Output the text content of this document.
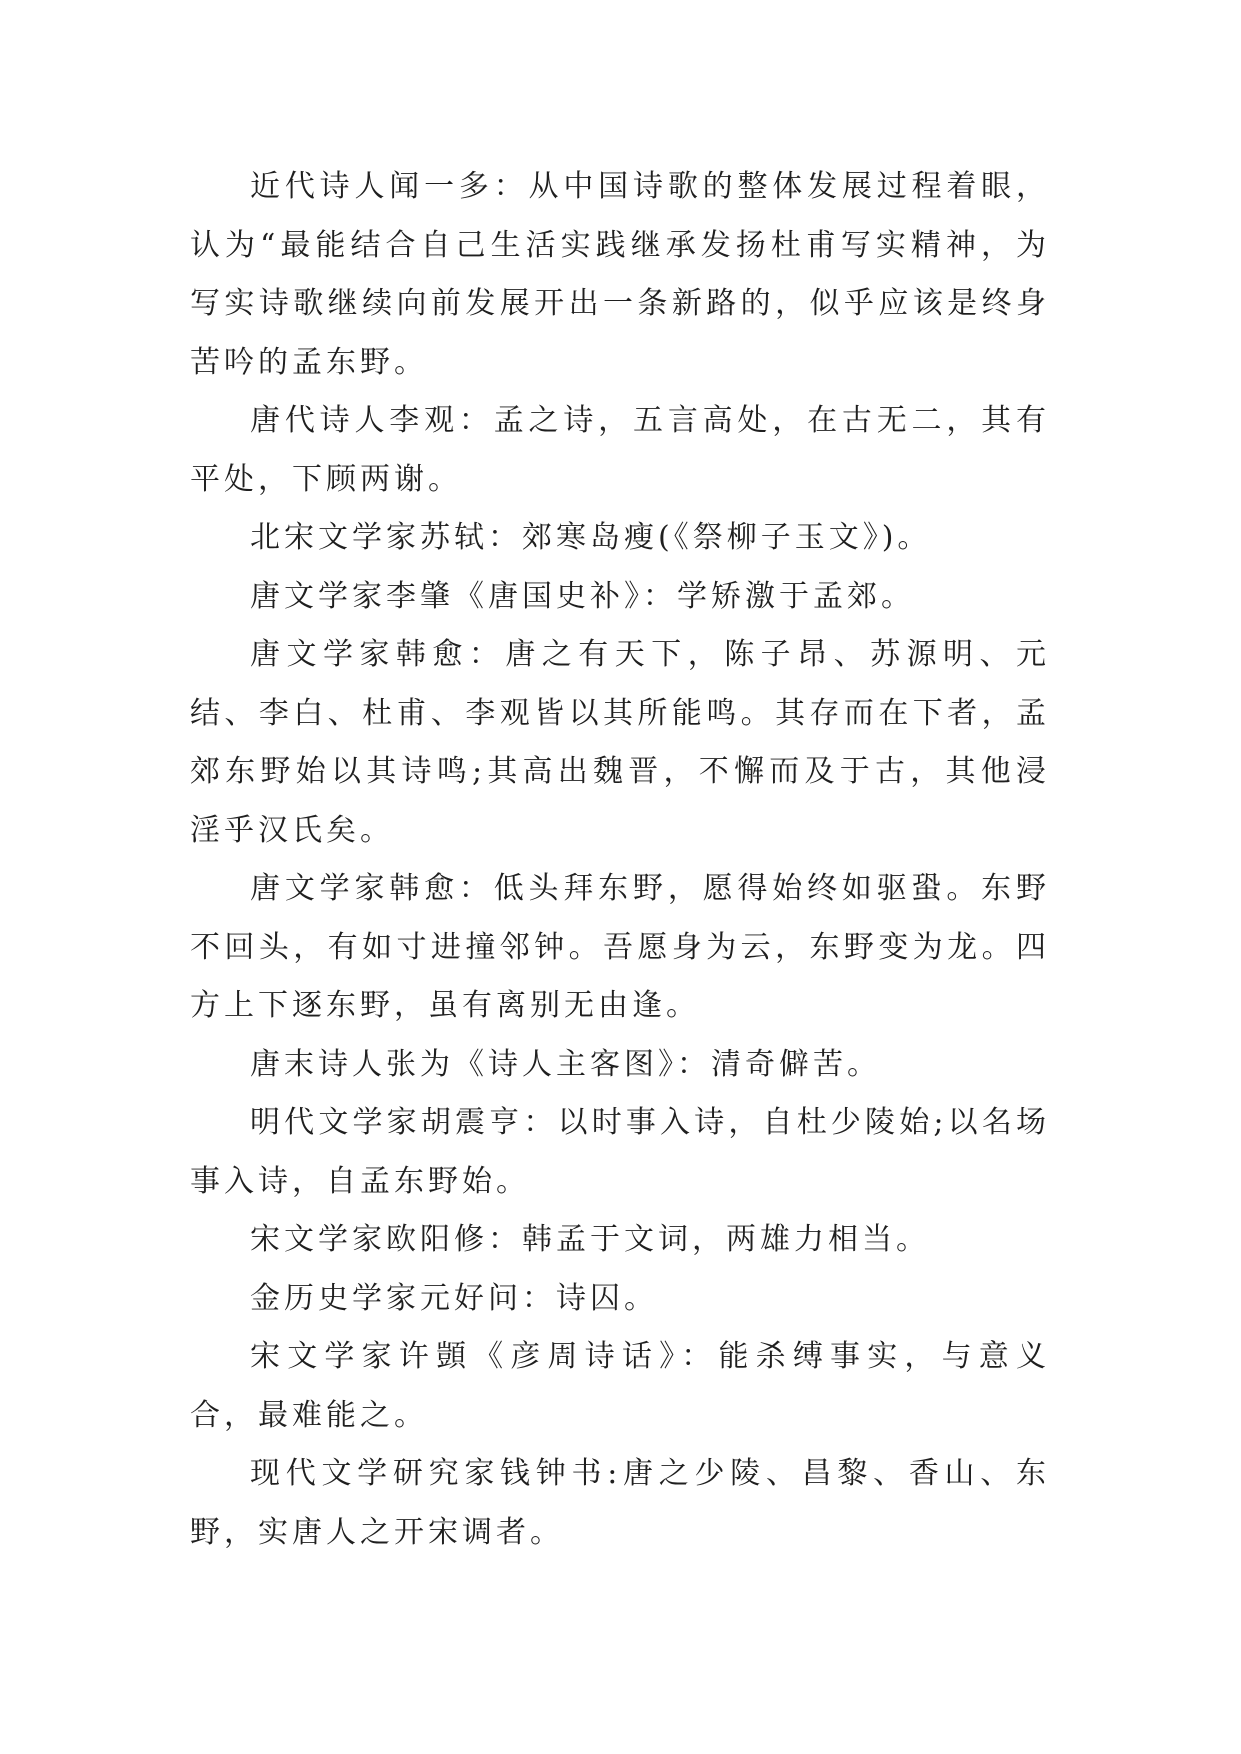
近代诗人闻一多：从中国诗歌的整体发展过程着眼，认为“最能结合自己生活实践继承发扬杜甫写实精神，为写实诗歌继续向前发展开出一条新路的，似乎应该是终身苦吟的孟东野。

唐代诗人李观：孟之诗，五言高处，在古无二，其有平处，下顾两谢。

北宋文学家苏轼：郊寒岛瘦(《祭柳子玉文》)。

唐文学家李肇《唐国史补》：学矫激于孟郊。

唐文学家韩愈：唐之有天下，陈子昂、苏源明、元结、李白、杜甫、李观皆以其所能鸣。其存而在下者，孟郊东野始以其诗鸣;其高出魏晋，不懈而及于古，其他浸淫乎汉氏矣。

唐文学家韩愈：低头拜东野，愿得始终如驱蛩。东野不回头，有如寸进撞邻钟。吾愿身为云，东野变为龙。四方上下逐东野，虽有离别无由逢。

唐末诗人张为《诗人主客图》：清奇僻苦。

明代文学家胡震亨：以时事入诗，自杜少陵始;以名场事入诗，自孟东野始。

宋文学家欧阳修：韩孟于文词，两雄力相当。

金历史学家元好问：诗囚。

宋文学家许顗《彦周诗话》：能杀缚事实，与意义合，最难能之。

现代文学研究家钱钟书:唐之少陵、昌黎、香山、东野，实唐人之开宋调者。
